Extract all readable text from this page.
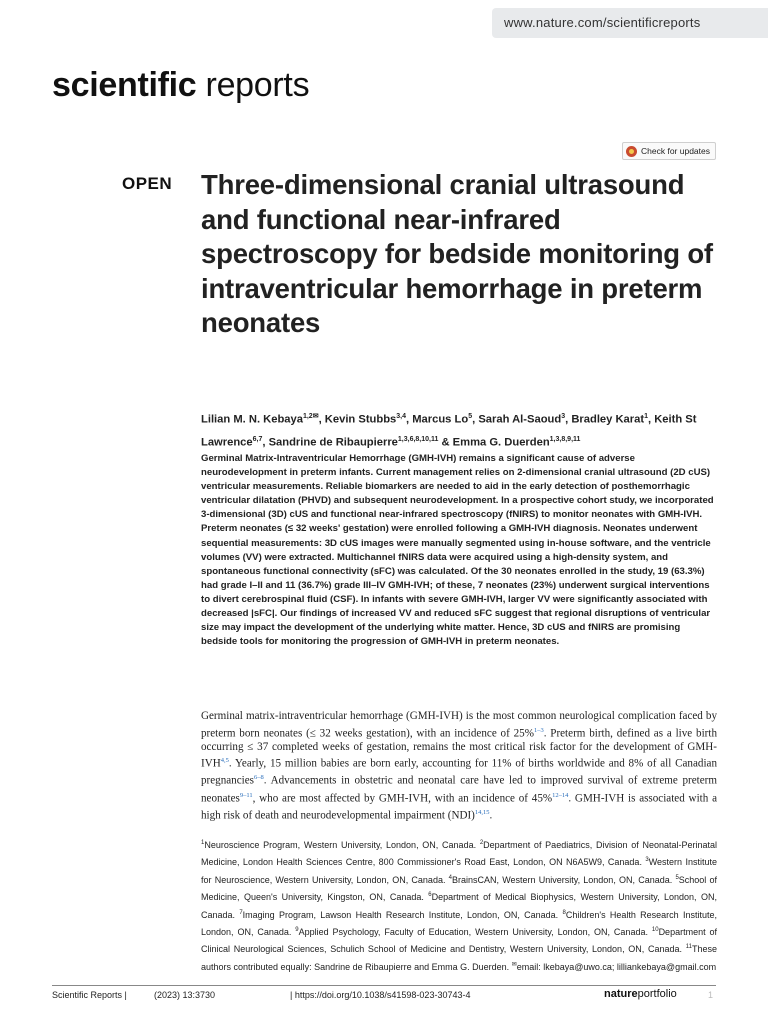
www.nature.com/scientificreports
scientific reports
Check for updates
OPEN Three-dimensional cranial ultrasound and functional near-infrared spectroscopy for bedside monitoring of intraventricular hemorrhage in preterm neonates
Lilian M. N. Kebaya$^{1,2✉}$, Kevin Stubbs$^{3,4}$, Marcus Lo$^5$, Sarah Al-Saoud$^3$, Bradley Karat$^1$, Keith St Lawrence$^{6,7}$, Sandrine de Ribaupierre$^{1,3,6,8,10,11}$ & Emma G. Duerden$^{1,3,8,9,11}$

Germinal Matrix-Intraventricular Hemorrhage (GMH-IVH) remains a significant cause of adverse neurodevelopment in preterm infants. Current management relies on 2-dimensional cranial ultrasound (2D cUS) ventricular measurements. Reliable biomarkers are needed to aid in the early detection of posthemorrhagic ventricular dilatation (PHVD) and subsequent neurodevelopment. In a prospective cohort study, we incorporated 3-dimensional (3D) cUS and functional near-infrared spectroscopy (fNIRS) to monitor neonates with GMH-IVH. Preterm neonates (≤ 32 weeks' gestation) were enrolled following a GMH-IVH diagnosis. Neonates underwent sequential measurements: 3D cUS images were manually segmented using in-house software, and the ventricle volumes (VV) were extracted. Multichannel fNIRS data were acquired using a high-density system, and spontaneous functional connectivity (sFC) was calculated. Of the 30 neonates enrolled in the study, 19 (63.3%) had grade I–II and 11 (36.7%) grade III–IV GMH-IVH; of these, 7 neonates (23%) underwent surgical interventions to divert cerebrospinal fluid (CSF). In infants with severe GMH-IVH, larger VV were significantly associated with decreased |sFC|. Our findings of increased VV and reduced sFC suggest that regional disruptions of ventricular size may impact the development of the underlying white matter. Hence, 3D cUS and fNIRS are promising bedside tools for monitoring the progression of GMH-IVH in preterm neonates.

Germinal matrix-intraventricular hemorrhage (GMH-IVH) is the most common neurological complication faced by preterm born neonates (≤ 32 weeks gestation), with an incidence of 25%$^{1-3}$. Preterm birth, defined as a live birth occurring ≤ 37 completed weeks of gestation, remains the most critical risk factor for the development of GMH-IVH$^{4,5}$. Yearly, 15 million babies are born early, accounting for 11% of births worldwide and 8% of all Canadian pregnancies$^{6-8}$. Advancements in obstetric and neonatal care have led to improved survival of extreme preterm neonates$^{9-11}$, who are most affected by GMH-IVH, with an incidence of 45%$^{12-14}$. GMH-IVH is associated with a high risk of death and neurodevelopmental impairment (NDI)$^{14,15}$.

$^1$Neuroscience Program, Western University, London, ON, Canada. $^2$Department of Paediatrics, Division of Neonatal-Perinatal Medicine, London Health Sciences Centre, 800 Commissioner's Road East, London, ON N6A5W9, Canada. $^3$Western Institute for Neuroscience, Western University, London, ON, Canada. $^4$BrainsCAN, Western University, London, ON, Canada. $^5$School of Medicine, Queen's University, Kingston, ON, Canada. $^6$Department of Medical Biophysics, Western University, London, ON, Canada. $^7$Imaging Program, Lawson Health Research Institute, London, ON, Canada. $^8$Children's Health Research Institute, London, ON, Canada. $^9$Applied Psychology, Faculty of Education, Western University, London, ON, Canada. $^{10}$Department of Clinical Neurological Sciences, Schulich School of Medicine and Dentistry, Western University, London, ON, Canada. $^{11}$These authors contributed equally: Sandrine de Ribaupierre and Emma G. Duerden. ✉email: lkebaya@uwo.ca; lilliankebaya@gmail.com

Scientific Reports |	(2023) 13:3730	| https://doi.org/10.1038/s41598-023-30743-4	natureportfolio	1
